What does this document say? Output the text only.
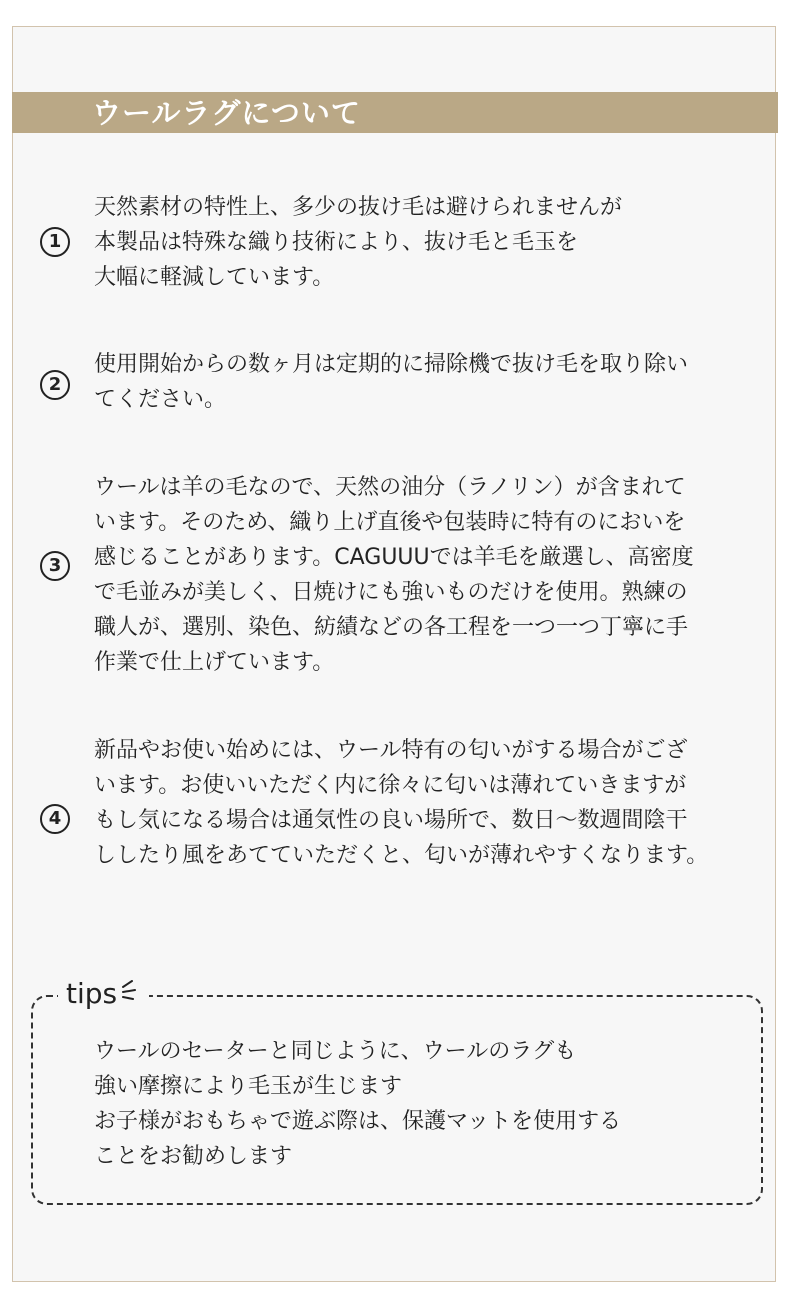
ウールラグについて
1
天然素材の特性上、多少の抜け毛は避けられませんが
本製品は特殊な織り技術により、抜け毛と毛玉を
大幅に軽減しています。
2
使用開始からの数ヶ月は定期的に掃除機で抜け毛を取り除い
てください。
3
ウールは羊の毛なので、天然の油分（ラノリン）が含まれて
います。そのため、織り上げ直後や包装時に特有のにおいを
感じることがあります。CAGUUUでは羊毛を厳選し、高密度
で毛並みが美しく、日焼けにも強いものだけを使用。熟練の
職人が、選別、染色、紡績などの各工程を一つ一つ丁寧に手
作業で仕上げています。
4
新品やお使い始めには、ウール特有の匂いがする場合がござ
います。お使いいただく内に徐々に匂いは薄れていきますが
もし気になる場合は通気性の良い場所で、数日～数週間陰干
ししたり風をあてていただくと、匂いが薄れやすくなります。
tips
ウールのセーターと同じように、ウールのラグも
強い摩擦により毛玉が生じます
お子様がおもちゃで遊ぶ際は、保護マットを使用する
ことをお勧めします
